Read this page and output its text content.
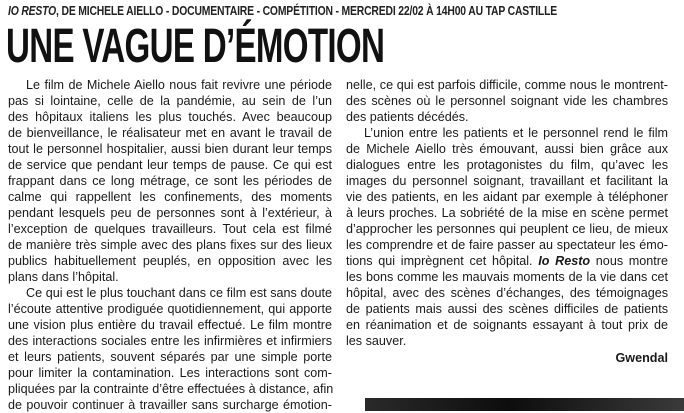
IO RESTO, DE MICHELE AIELLO - DOCUMENTAIRE - COMPÉTITION - MERCREDI 22/02 À 14H00 AU TAP CASTILLE
UNE VAGUE D’ÉMOTION

Le film de Michele Aiello nous fait revivre une période
pas si lointaine, celle de la pandémie, au sein de l’un
des hôpitaux italiens les plus touchés. Avec beaucoup
de bienveillance, le réalisateur met en avant le travail de
tout le personnel hospitalier, aussi bien durant leur temps
de service que pendant leur temps de pause. Ce qui est
frappant dans ce long métrage, ce sont les périodes de
calme qui rappellent les confinements, des moments
pendant lesquels peu de personnes sont à l’extérieur, à
l’exception de quelques travailleurs. Tout cela est filmé
de manière très simple avec des plans fixes sur des lieux
publics habituellement peuplés, en opposition avec les
plans dans l’hôpital.

Ce qui est le plus touchant dans ce film est sans doute
l’écoute attentive prodiguée quotidiennement, qui apporte
une vision plus entière du travail effectué. Le film montre
des interactions sociales entre les infirmières et infirmiers
et leurs patients, souvent séparés par une simple porte
pour limiter la contamination. Les interactions sont com-
pliquées par la contrainte d’être effectuées à distance, afin
de pouvoir continuer à travailler sans surcharge émotion-

nelle, ce qui est parfois difficile, comme nous le montrent-
des scènes où le personnel soignant vide les chambres
des patients décédés.

L’union entre les patients et le personnel rend le film
de Michele Aiello très émouvant, aussi bien grâce aux
dialogues entre les protagonistes du film, qu’avec les
images du personnel soignant, travaillant et facilitant la
vie des patients, en les aidant par exemple à téléphoner
à leurs proches. La sobriété de la mise en scène permet
d’approcher les personnes qui peuplent ce lieu, de mieux
les comprendre et de faire passer au spectateur les émo-
tions qui imprègnent cet hôpital. Io Resto nous montre
les bons comme les mauvais moments de la vie dans cet
hôpital, avec des scènes d’échanges, des témoignages
de patients mais aussi des scènes difficiles de patients
en réanimation et de soignants essayant à tout prix de
les sauver.

Gwendal
